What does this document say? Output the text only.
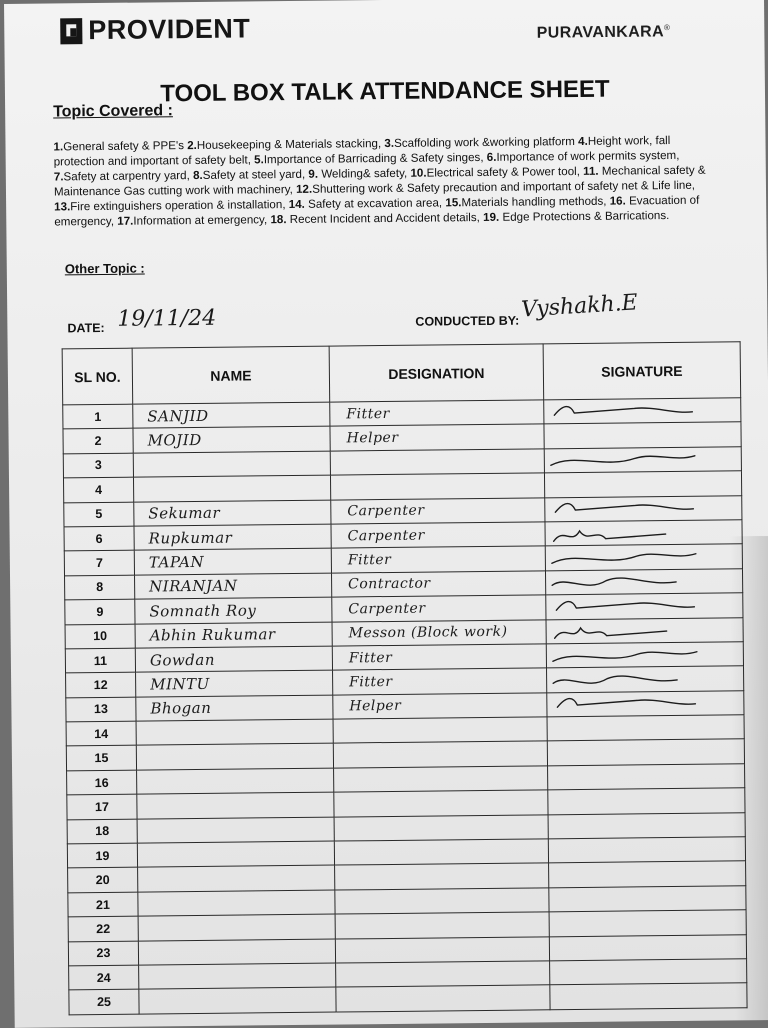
PROVIDENT	PURAVANKARA®
TOOL BOX TALK ATTENDANCE SHEET
Topic Covered :
1.General safety & PPE's 2.Housekeeping & Materials stacking, 3.Scaffolding work &working platform 4.Height work, fall protection and important of safety belt, 5.Importance of Barricading & Safety singes, 6.Importance of work permits system, 7.Safety at carpentry yard, 8.Safety at steel yard, 9. Welding& safety, 10.Electrical safety & Power tool, 11. Mechanical safety & Maintenance Gas cutting work with machinery, 12.Shuttering work & Safety precaution and important of safety net & Life line, 13.Fire extinguishers operation & installation, 14. Safety at excavation area, 15.Materials handling methods, 16. Evacuation of emergency, 17.Information at emergency, 18. Recent Incident and Accident details, 19. Edge Protections & Barrications.
Other Topic :
DATE: 19/11/24	CONDUCTED BY: Vyshakh.E
SL NO.	NAME	DESIGNATION	SIGNATURE
1	SANJID	Fitter	

2	MOJID	Helper	
3			

4			
5	Sekumar	Carpenter	

6	Rupkumar	Carpenter	

7	TAPAN	Fitter	

8	NIRANJAN	Contractor	

9	Somnath Roy	Carpenter	

10	Abhin Rukumar	Messon (Block work)	

11	Gowdan	Fitter	

12	MINTU	Fitter	

13	Bhogan	Helper	

14			
15			
16			
17			
18			
19			
20			
21			
22			
23			
24			
25			
